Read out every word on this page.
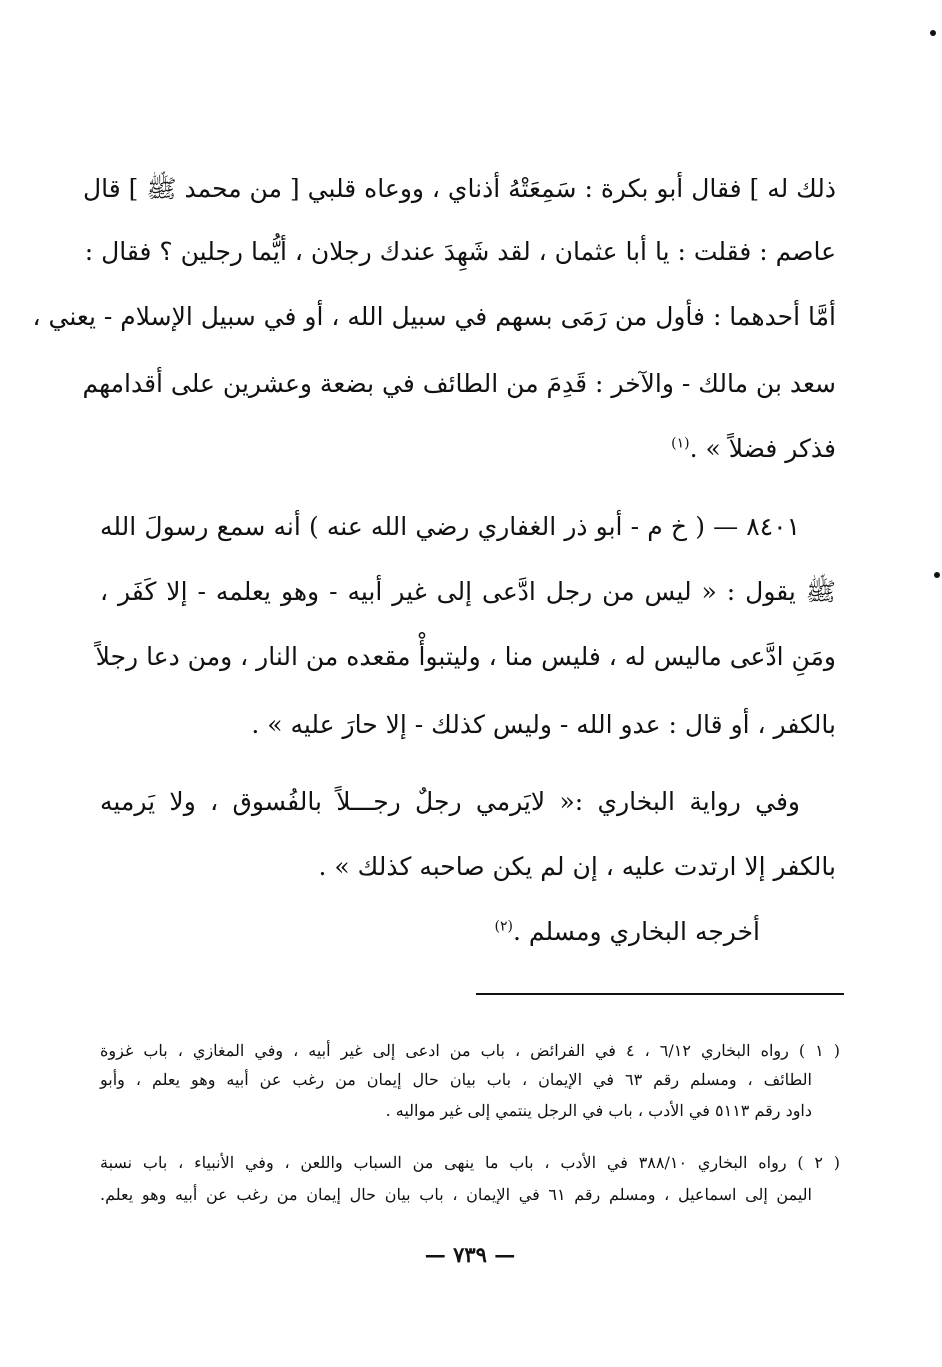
ذلك له ] فقال أبو بكرة : سَمِعَتْهُ أذناي ، ووعاه قلبي [ من محمد ﷺ ] قال

عاصم : فقلت : يا أبا عثمان ، لقد شَهِدَ عندك رجلان ، أيُّما رجلين ؟ فقال :

أمَّا أحدهما : فأول من رَمَى بسهم في سبيل الله ، أو في سبيل الإسلام - يعني ،

سعد بن مالك - والآخر : قَدِمَ من الطائف في بضعة وعشرين على أقدامهم

فذكر فضلاً » .$^{(١)}$

٨٤٠١ — ( خ م - أبو ذر الغفاري رضي الله عنه ) أنه سمع رسولَ الله

ﷺ يقول : « ليس من رجل ادَّعى إلى غير أبيه - وهو يعلمه - إلا كَفَر ،

ومَنِ ادَّعى ماليس له ، فليس منا ، وليتبوأْ مقعده من النار ، ومن دعا رجلاً

بالكفر ، أو قال : عدو الله - وليس كذلك - إلا حارَ عليه » .

وفي رواية البخاري :« لايَرمي رجلٌ رجـــلاً بالفُسوق ، ولا يَرميه

بالكفر إلا ارتدت عليه ، إن لم يكن صاحبه كذلك » .

أخرجه البخاري ومسلم .$^{(٢)}$

( ١ ) رواه البخاري ٦/١٢ ، ٤ في الفرائض ، باب من ادعى إلى غير أبيه ، وفي المغازي ، باب غزوة

الطائف ، ومسلم رقم ٦٣ في الإيمان ، باب بيان حال إيمان من رغب عن أبيه وهو يعلم ، وأبو

داود رقم ٥١١٣ في الأدب ، باب في الرجل ينتمي إلى غير مواليه .

( ٢ ) رواه البخاري ٣٨٨/١٠ في الأدب ، باب ما ينهى من السباب واللعن ، وفي الأنبياء ، باب نسبة

اليمن إلى اسماعيل ، ومسلم رقم ٦١ في الإيمان ، باب بيان حال إيمان من رغب عن أبيه وهو يعلم.

— ٧٣٩ —
